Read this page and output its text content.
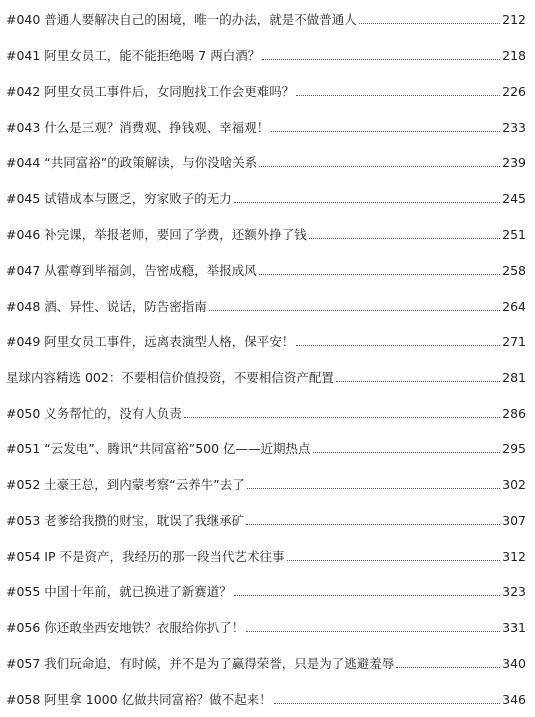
#040 普通人要解决自己的困境，唯一的办法，就是不做普通人	212
#041 阿里女员工，能不能拒绝喝 7 两白酒？	218
#042 阿里女员工事件后，女同胞找工作会更难吗？	226
#043 什么是三观？消费观、挣钱观、幸福观！	233
#044 “共同富裕”的政策解读，与你没啥关系	239
#045 试错成本与匮乏，穷家败子的无力	245
#046 补完课，举报老师，要回了学费，还额外挣了钱	251
#047 从霍尊到毕福剑，告密成瘾，举报成风	258
#048 酒、异性、说话，防告密指南	264
#049 阿里女员工事件，远离表演型人格，保平安！	271
星球内容精选 002：不要相信价值投资，不要相信资产配置	281
#050 义务帮忙的，没有人负责	286
#051 “云发电”、腾讯“共同富裕”500 亿——近期热点	295
#052 土豪王总，到内蒙考察“云养牛”去了	302
#053 老爹给我攒的财宝，耽误了我继承矿	307
#054 IP 不是资产，我经历的那一段当代艺术往事	312
#055 中国十年前，就已换进了新赛道？	323
#056 你还敢坐西安地铁？衣服给你扒了！	331
#057 我们玩命追，有时候，并不是为了赢得荣誉，只是为了逃避羞辱	340
#058 阿里拿 1000 亿做共同富裕？做不起来！	346
